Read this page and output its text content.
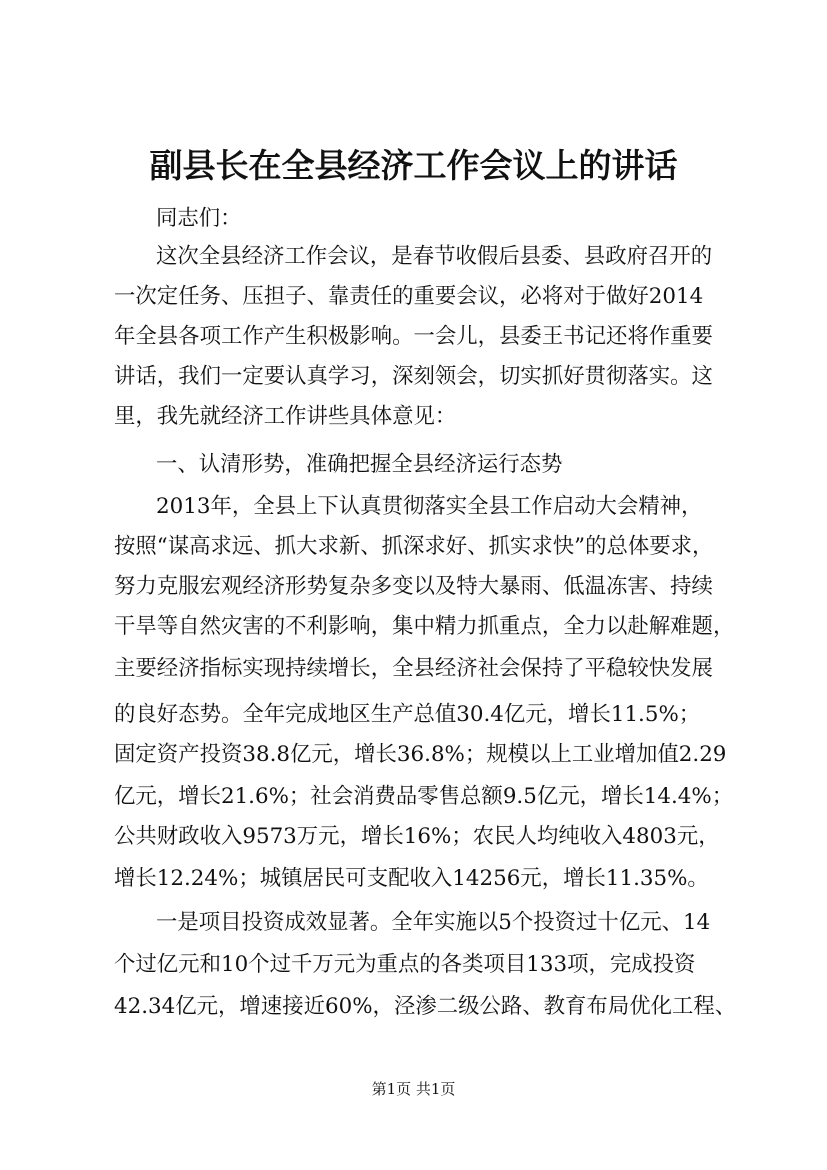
副县长在全县经济工作会议上的讲话
同志们：
这次全县经济工作会议，是春节收假后县委、县政府召开的
一次定任务、压担子、靠责任的重要会议，必将对于做好2014
年全县各项工作产生积极影响。一会儿，县委王书记还将作重要
讲话，我们一定要认真学习，深刻领会，切实抓好贯彻落实。这
里，我先就经济工作讲些具体意见：
一、认清形势，准确把握全县经济运行态势
2013年，全县上下认真贯彻落实全县工作启动大会精神，
按照“谋高求远、抓大求新、抓深求好、抓实求快”的总体要求，
努力克服宏观经济形势复杂多变以及特大暴雨、低温冻害、持续
干旱等自然灾害的不利影响，集中精力抓重点，全力以赴解难题，
主要经济指标实现持续增长，全县经济社会保持了平稳较快发展
的良好态势。全年完成地区生产总值30.4亿元，增长11.5%；
固定资产投资38.8亿元，增长36.8%；规模以上工业增加值2.29
亿元，增长21.6%；社会消费品零售总额9.5亿元，增长14.4%；
公共财政收入9573万元，增长16%；农民人均纯收入4803元，
增长12.24%；城镇居民可支配收入14256元，增长11.35%。
一是项目投资成效显著。全年实施以5个投资过十亿元、14
个过亿元和10个过千万元为重点的各类项目133项，完成投资
42.34亿元，增速接近60%，泾渗二级公路、教育布局优化工程、
第1页 共1页
